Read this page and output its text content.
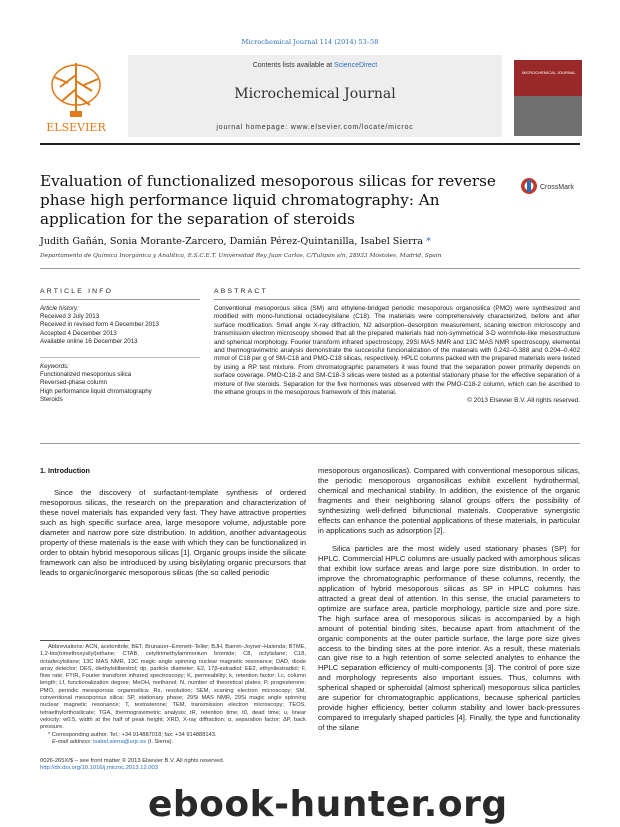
Microchemical Journal 114 (2014) 53–58
Contents lists available at ScienceDirect
Microchemical Journal
journal homepage: www.elsevier.com/locate/microc
ELSEVIER
MICROCHEMICAL JOURNAL
Evaluation of functionalized mesoporous silicas for reverse phase high performance liquid chromatography: An application for the separation of steroids
CrossMark
Judith Gañán, Sonia Morante-Zarcero, Damián Pérez-Quintanilla, Isabel Sierra *
Departamento de Química Inorgánica y Analítica, E.S.C.E.T, Universidad Rey Juan Carlos, C/Tulipán s/n, 28933 Móstoles, Madrid, Spain
ARTICLE INFO	ABSTRACT
Article history:
Received 3 July 2013
Received in revised form 4 December 2013
Accepted 4 December 2013
Available online 16 December 2013
Keywords:
Functionalized mesoporous silica
Reversed-phase column
High performance liquid chromatography
Steroids
Conventional mesoporous silica (SM) and ethylene-bridged periodic mesoporous organosilica (PMO) were synthesized and modified with mono-functional octadecylsilane (C18). The materials were comprehensively characterized, before and after surface modification. Small angle X-ray diffraction, N2 adsorption–desorption measurement, scaning electron microscopy and transmission electron microscopy showed that all the prepared materials had non-symmetrical 3-D wormhole-like mesostructure and spherical morphology. Fourier transform infrared spectroscopy, 29Si MAS NMR and 13C MAS NMR spectroscopy, elemental and thermogravimetric analysis demonstrate the successful funcionalization of the materials with 0.242–0.388 and 0.204–0.402 mmol of C18 per g of SM-C18 and PMO-C18 silicas, respectively. HPLC columns packed with the prepared materials were tested by using a RP test mixture. From chromatographic parameters it was found that the separation power primarily depends on surface coverage. PMO-C18-2 and SM-C18-3 silicas were tested as a potential stationary phase for the effective separation of a mixture of five steroids. Separation for the five hormones was observed with the PMO-C18-2 column, which can be ascribed to the ethane groups in the mesoporous framework of this material.
© 2013 Elsevier B.V. All rights reserved.
1. Introduction
Since the discovery of surfactant-template synthesis of ordered mesoporous silicas, the research on the preparation and characterization of these novel materials has expanded very fast. They have attractive properties such as high specific surface area, large mesopore volume, adjustable pore diameter and narrow pore size distribution. In addition, another advantageous property of these materials is the ease with which they can be functionalized in order to obtain hybrid mesoporous silicas [1]. Organic groups inside the silicate framework can also be introduced by using bisilylating organic precursors that leads to organic/inorganic mesoporous silicas (the so called periodic
mesoporous organosilicas). Compared with conventional mesoporous silicas, the periodic mesoporous organosilicas exhibit excellent hydrothermal, chemical and mechanical stability. In addition, the existence of the organic fragments and their neighboring silanol groups offers the possibility of synthesizing well-defined bifunctional materials. Cooperative synergistic effects can enhance the potential applications of these materials, in particular in applications such as adsorption [2].
Silica particles are the most widely used stationary phases (SP) for HPLC. Commercial HPLC columns are usually packed with amorphous silicas that exhibit low surface areas and large pore size distribution. In order to improve the chromatographic performance of these columns, recently, the application of hybrid mesoporous silicas as SP in HPLC columns has attracted a great deal of attention. In this sense, the crucial parameters to optimize are surface area, particle morphology, particle size and pore size. The high surface area of mesoporous silicas is accompanied by a high amount of potential binding sites, because apart from attachment of the organic components at the outer particle surface, the large pore size gives access to the binding sites at the pore interior. As a result, these materials can give rise to a high retention of some selected analytes to enhance the HPLC separation efficiency of multi-components [3]. The control of pore size and morphology represents also important issues. Thus, columns with spherical shaped or spheroidal (almost spherical) mesoporous silica particles are superior for chromatographic applications, because spherical particles provide higher efficiency, better column stability and lower back-pressures compared to irregularly shaped particles [4]. Finally, the type and functionality of the silane
Abbreviations: ACN, acetonitrile; BET, Brunauer–Emmett–Teller; BJH, Barret–Joyner–Halenda; BTME, 1,2-bis(trimethoxysilyl)ethane; CTAB, cetyltrimethylammonium bromide; C8, octylsilane; C18, octadecylsilane; 13C MAS NMR, 13C magic angle spinning nuclear magnetic resonance; DAD, diode array detector; DES, diethylstilbestrol; dp, particle diameter; E2, 17β-estradiol; EE2, ethynilestradiol; F, flow rate; FTIR, Fourier transform infrared spectroscopy; K, permeability; k, retention factor; Lc, column length; Lf, functionalization degree; MeOH, methanol; N, number of theoretical plates; P, progesterone; PMO, periodic mesoporous organosilica; Rs, resolution; SEM, scaning electron microscopy; SM, conventional mesoporous silica; SP, stationary phase; 29Si MAS NMR, 29Si magic angle spinning nuclear magnetic resonance; T, testosterone; TEM, transmission electron microscopy; TEOS, tetraethylorthosilicate; TGA, thermogravimetric analysis; tR, retention time; t0, dead time; u, linear velocity; w0.5, width at the half of peak height; XRD, X-ray diffraction; α, separation factor; ΔP, back pressure.
* Corresponding author. Tel.: +34 914887018; fax: +34 914888143.
E-mail address: isabel.sierra@urjc.es (I. Sierra).
0026-265X/$ – see front matter © 2013 Elsevier B.V. All rights reserved.
http://dx.doi.org/10.1016/j.microc.2013.12.003
ebook-hunter.org
